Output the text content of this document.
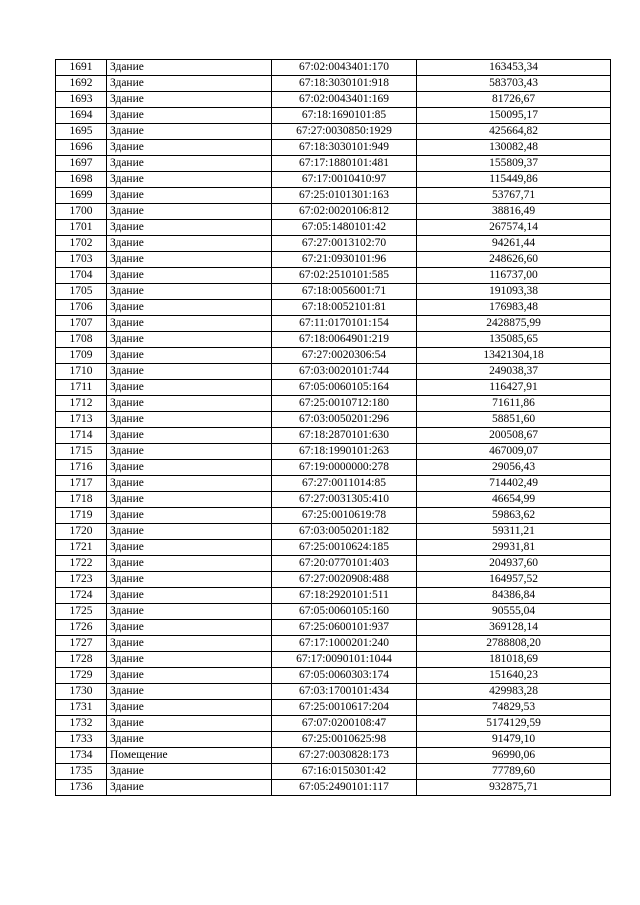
1691	Здание	67:02:0043401:170	163453,34
1692	Здание	67:18:3030101:918	583703,43
1693	Здание	67:02:0043401:169	81726,67
1694	Здание	67:18:1690101:85	150095,17
1695	Здание	67:27:0030850:1929	425664,82
1696	Здание	67:18:3030101:949	130082,48
1697	Здание	67:17:1880101:481	155809,37
1698	Здание	67:17:0010410:97	115449,86
1699	Здание	67:25:0101301:163	53767,71
1700	Здание	67:02:0020106:812	38816,49
1701	Здание	67:05:1480101:42	267574,14
1702	Здание	67:27:0013102:70	94261,44
1703	Здание	67:21:0930101:96	248626,60
1704	Здание	67:02:2510101:585	116737,00
1705	Здание	67:18:0056001:71	191093,38
1706	Здание	67:18:0052101:81	176983,48
1707	Здание	67:11:0170101:154	2428875,99
1708	Здание	67:18:0064901:219	135085,65
1709	Здание	67:27:0020306:54	13421304,18
1710	Здание	67:03:0020101:744	249038,37
1711	Здание	67:05:0060105:164	116427,91
1712	Здание	67:25:0010712:180	71611,86
1713	Здание	67:03:0050201:296	58851,60
1714	Здание	67:18:2870101:630	200508,67
1715	Здание	67:18:1990101:263	467009,07
1716	Здание	67:19:0000000:278	29056,43
1717	Здание	67:27:0011014:85	714402,49
1718	Здание	67:27:0031305:410	46654,99
1719	Здание	67:25:0010619:78	59863,62
1720	Здание	67:03:0050201:182	59311,21
1721	Здание	67:25:0010624:185	29931,81
1722	Здание	67:20:0770101:403	204937,60
1723	Здание	67:27:0020908:488	164957,52
1724	Здание	67:18:2920101:511	84386,84
1725	Здание	67:05:0060105:160	90555,04
1726	Здание	67:25:0600101:937	369128,14
1727	Здание	67:17:1000201:240	2788808,20
1728	Здание	67:17:0090101:1044	181018,69
1729	Здание	67:05:0060303:174	151640,23
1730	Здание	67:03:1700101:434	429983,28
1731	Здание	67:25:0010617:204	74829,53
1732	Здание	67:07:0200108:47	5174129,59
1733	Здание	67:25:0010625:98	91479,10
1734	Помещение	67:27:0030828:173	96990,06
1735	Здание	67:16:0150301:42	77789,60
1736	Здание	67:05:2490101:117	932875,71
